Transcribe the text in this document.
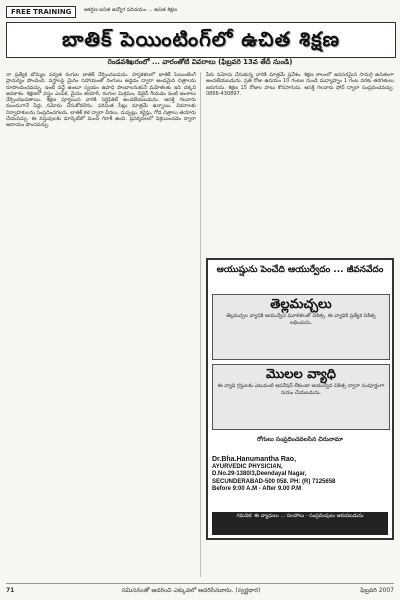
FREE TRAINING	ఆకర్షణ జనిత ఉద్యోగ పరిచయం ... ఉచిత శిక్షణ
బాతిక్ పెయింటింగ్‌లో ఉచిత శిక్షణ
రెండవశిఖరంలో ... వారంతోటి వివరాలు (ఫిబ్రవరి 13వ తేదీ నుండి)
నా ప్రత్యేక బొమ్మల పర్వత రంగుల బాతిక్ నేర్పించబడును. హస్తకళలలో బాతిక్ పెయింటింగ్ ప్రాచుర్యం పొందింది. వస్త్రాలపై మైనం సహాయంతో రంగులు అద్దడం ద్వారా అందమైన చిత్రాలను రూపొందించవచ్చు. ఇంటి వద్దే ఉంటూ స్వయం ఉపాధి పొందాలనుకునే మహిళలకు ఇది చక్కని అవకాశం. శిక్షణలో వస్త్రం ఎంపిక, మైనం తయారీ, రంగుల మిశ్రమం, డిజైన్ గీయడం వంటి అంశాలు నేర్పించబడతాయి. శిక్షణ పూర్తయిన వారికి సర్టిఫికెట్ అందజేయబడును. ఆసక్తి గలవారు ముందుగానే పేర్లు నమోదు చేసుకోవలెను. పరిమిత సీట్లు మాత్రమే ఉన్నాయి. వివరాలకు నిర్వాహకులను సంప్రదించగలరు. బాతిక్ కళ ద్వారా చీరలు, దుప్పట్లు, కర్టెన్లు, గోడ చిత్రాలు తయారు చేయవచ్చు. ఈ వస్తువులకు మార్కెట్‌లో మంచి గిరాకీ ఉంది. ప్రదర్శనలలో విక్రయించడం ద్వారా ఆదాయం పొందవచ్చు.
పేరు నమోదు చేసుకున్న వారికి మాత్రమే ప్రవేశం. శిక్షణ కాలంలో అవసరమైన సామగ్రి ఉచితంగా అందజేయబడును. ప్రతి రోజు ఉదయం 10 గంటల నుండి మధ్యాహ్నం 1 గంట వరకు తరగతులు జరుగును. శిక్షణ 15 రోజుల పాటు కొనసాగును. ఆసక్తి గలవారు ఫోన్ ద్వారా సంప్రదించవచ్చు: 0866-430897.
ఆయుష్షును పెంచేది ఆయుర్వేదం ... జీవనవేదం
తెల్లమచ్చలు
తెల్లమచ్చల వ్యాధికి ఆయుర్వేద మూలికలతో చికిత్స. ఈ వ్యాధికి ప్రత్యేక చికిత్స లభించును.
మొలల వ్యాధి
ఈ వ్యాధి గ్రస్తులకు ఎటువంటి ఆపరేషన్ లేకుండా ఆయుర్వేద చికిత్స ద్వారా సంపూర్ణంగా నయం చేయబడును.
రోగులు సంప్రదించవలసిన చిరునామా
Dr.Bha.Hanumantha Rao,
AYURVEDIC PHYSICIAN,
D.No.29-1380/3,Deendayal Nagar,
SECUNDERABAD-500 058. PH: (R) 7125658
Before 9:00 A.M - After 9.00 P.M
గమనిక: ఈ వ్యాధులు ... సలహాలు - సంప్రదింపులు అరుపబడును
71	సమిసనంతో ఆదరించి ఎక్కువలో ఆదరిసినవాను. (స్వర్ణధార)	ఫిబ్రవరి 2007
